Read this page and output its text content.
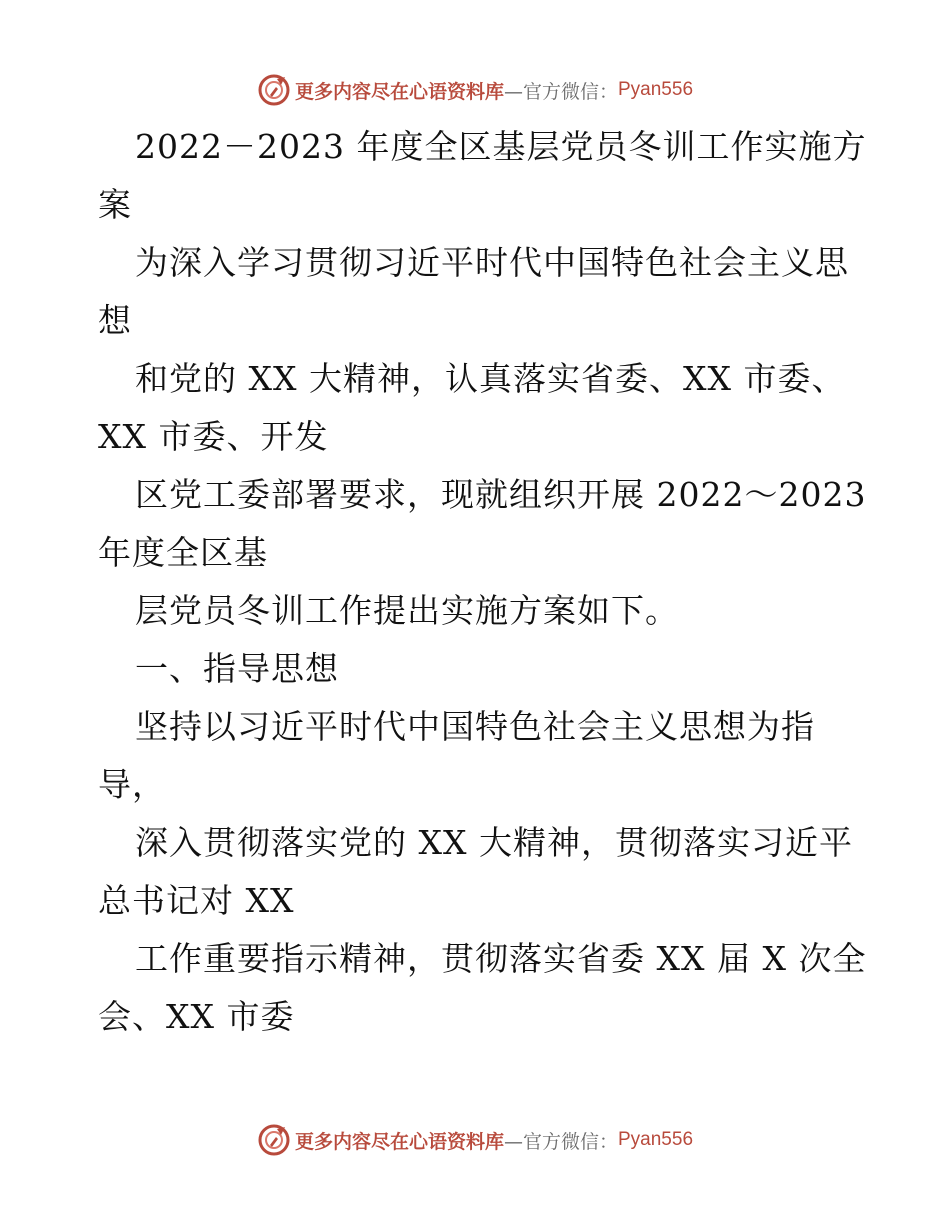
更多内容尽在心语资料库 —官方微信： Pyan556
2022－2023 年度全区基层党员冬训工作实施方
案
为深入学习贯彻习近平时代中国特色社会主义思
想
和党的 XX 大精神，认真落实省委、XX 市委、
XX 市委、开发
区党工委部署要求，现就组织开展 2022～2023
年度全区基
层党员冬训工作提出实施方案如下。
一、指导思想
坚持以习近平时代中国特色社会主义思想为指
导，
深入贯彻落实党的 XX 大精神，贯彻落实习近平
总书记对 XX
工作重要指示精神，贯彻落实省委 XX 届 X 次全
会、XX 市委
更多内容尽在心语资料库 —官方微信： Pyan556
